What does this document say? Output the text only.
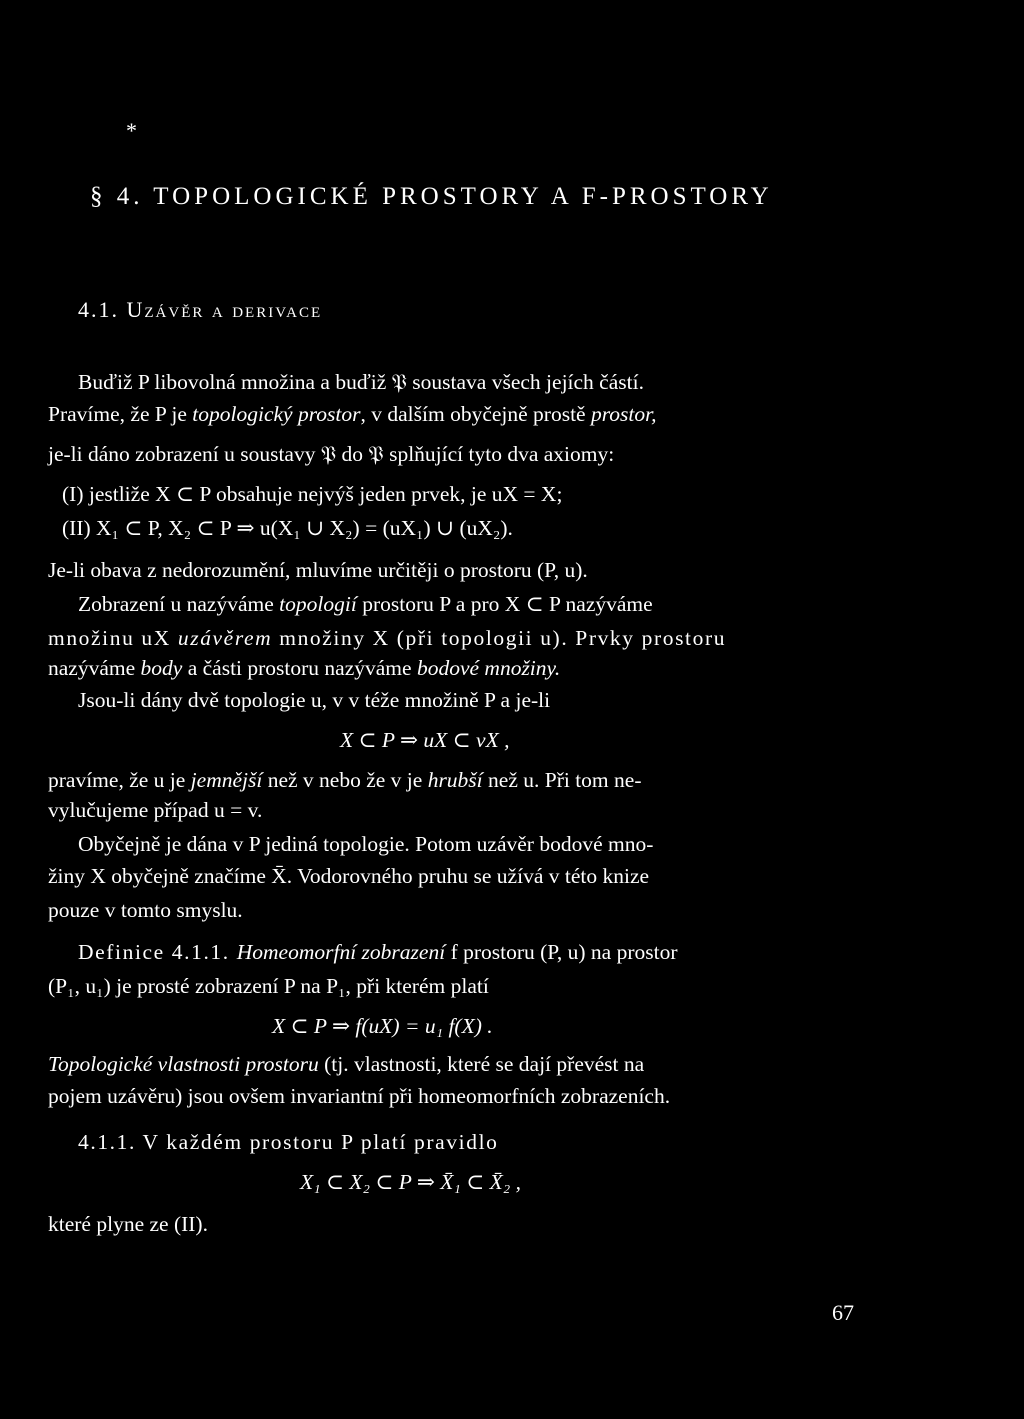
*
§ 4. TOPOLOGICKÉ PROSTORY A F-PROSTORY
4.1. Uzávěr a derivace
Buďiž P libovolná množina a buďiž 𝔓 soustava všech jejích částí.
Pravíme, že P je topologický prostor, v dalším obyčejně prostě prostor,
je-li dáno zobrazení u soustavy 𝔓 do 𝔓 splňující tyto dva axiomy:
(I) jestliže X ⊂ P obsahuje nejvýš jeden prvek, je uX = X;
(II) X₁ ⊂ P, X₂ ⊂ P ⇒ u(X₁ ∪ X₂) = (uX₁) ∪ (uX₂).
Je-li obava z nedorozumění, mluvíme určitěji o prostoru (P, u).
Zobrazení u nazýváme topologií prostoru P a pro X ⊂ P nazýváme
množinu uX uzávěrem množiny X (při topologii u). Prvky prostoru
nazýváme body a části prostoru nazýváme bodové množiny.
Jsou-li dány dvě topologie u, v v téže množině P a je-li
X ⊂ P ⇒ uX ⊂ vX ,
pravíme, že u je jemnější než v nebo že v je hrubší než u. Při tom ne-
vylučujeme případ u = v.
Obyčejně je dána v P jediná topologie. Potom uzávěr bodové mno-
žiny X obyčejně značíme X̄. Vodorovného pruhu se užívá v této knize
pouze v tomto smyslu.
Definice 4.1.1. Homeomorfní zobrazení f prostoru (P, u) na prostor
(P₁, u₁) je prosté zobrazení P na P₁, při kterém platí
X ⊂ P ⇒ f(uX) = u₁ f(X) .
Topologické vlastnosti prostoru (tj. vlastnosti, které se dají převést na
pojem uzávěru) jsou ovšem invariantní při homeomorfních zobrazeních.
4.1.1. V každém prostoru P platí pravidlo
X₁ ⊂ X₂ ⊂ P ⇒ X̄₁ ⊂ X̄₂ ,
které plyne ze (II).
67
